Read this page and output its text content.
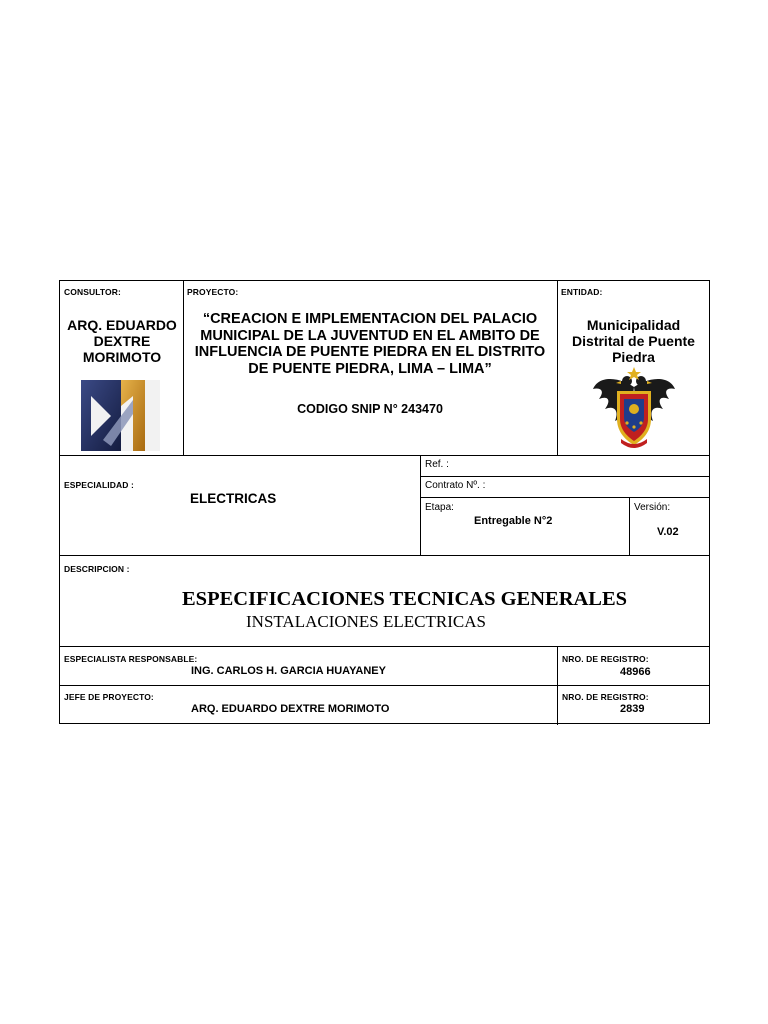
CONSULTOR:
ARQ. EDUARDO DEXTRE MORIMOTO
PROYECTO:
“CREACION E IMPLEMENTACION DEL PALACIO MUNICIPAL DE LA JUVENTUD EN EL AMBITO DE INFLUENCIA DE PUENTE PIEDRA EN EL DISTRITO DE PUENTE PIEDRA, LIMA – LIMA”
CODIGO SNIP N° 243470
ENTIDAD:
Municipalidad Distrital de Puente Piedra
ESPECIALIDAD :
ELECTRICAS
Ref. :
Contrato Nº. :
Etapa:
Entregable N°2
Versión:
V.02
DESCRIPCION :
ESPECIFICACIONES TECNICAS GENERALES
INSTALACIONES ELECTRICAS
ESPECIALISTA RESPONSABLE:
ING. CARLOS H. GARCIA HUAYANEY
NRO. DE REGISTRO:
48966
JEFE DE PROYECTO:
ARQ. EDUARDO DEXTRE MORIMOTO
NRO. DE REGISTRO:
2839
